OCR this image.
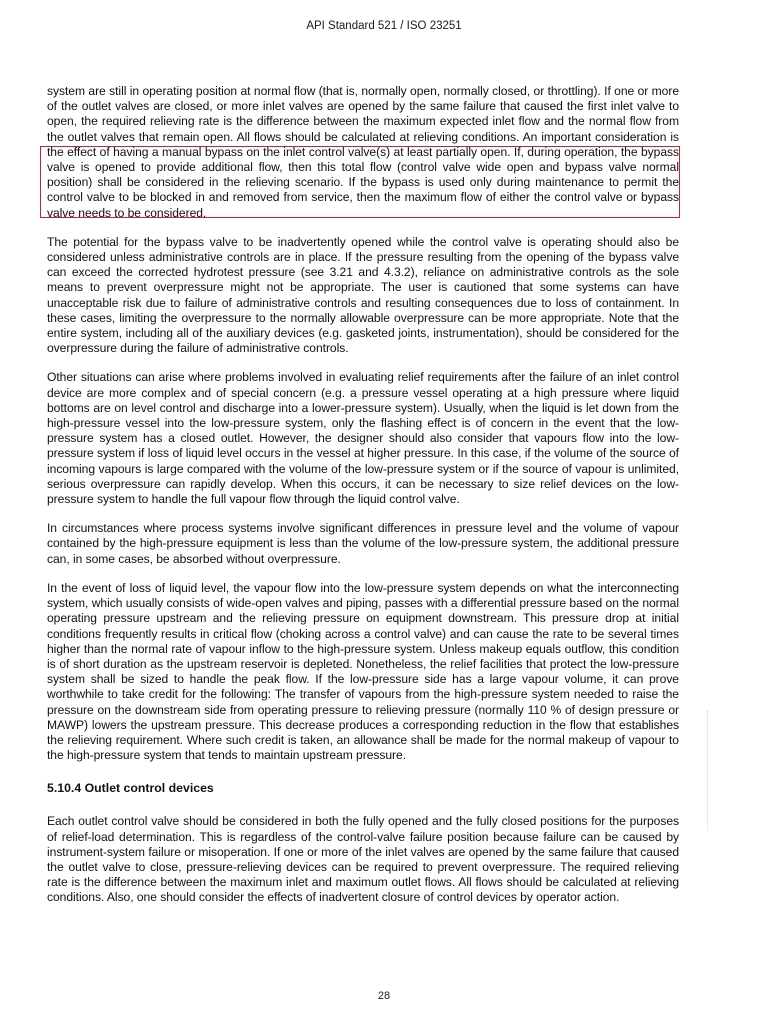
API Standard 521 / ISO 23251

system are still in operating position at normal flow (that is, normally open, normally closed, or throttling). If one or more of the outlet valves are closed, or more inlet valves are opened by the same failure that caused the first inlet valve to open, the required relieving rate is the difference between the maximum expected inlet flow and the normal flow from the outlet valves that remain open. All flows should be calculated at relieving conditions. An important consideration is the effect of having a manual bypass on the inlet control valve(s) at least partially open. If, during operation, the bypass valve is opened to provide additional flow, then this total flow (control valve wide open and bypass valve normal position) shall be considered in the relieving scenario. If the bypass is used only during maintenance to permit the control valve to be blocked in and removed from service, then the maximum flow of either the control valve or bypass valve needs to be considered.

The potential for the bypass valve to be inadvertently opened while the control valve is operating should also be considered unless administrative controls are in place. If the pressure resulting from the opening of the bypass valve can exceed the corrected hydrotest pressure (see 3.21 and 4.3.2), reliance on administrative controls as the sole means to prevent overpressure might not be appropriate. The user is cautioned that some systems can have unacceptable risk due to failure of administrative controls and resulting consequences due to loss of containment. In these cases, limiting the overpressure to the normally allowable overpressure can be more appropriate. Note that the entire system, including all of the auxiliary devices (e.g. gasketed joints, instrumentation), should be considered for the overpressure during the failure of administrative controls.

Other situations can arise where problems involved in evaluating relief requirements after the failure of an inlet control device are more complex and of special concern (e.g. a pressure vessel operating at a high pressure where liquid bottoms are on level control and discharge into a lower-pressure system). Usually, when the liquid is let down from the high-pressure vessel into the low-pressure system, only the flashing effect is of concern in the event that the low-pressure system has a closed outlet. However, the designer should also consider that vapours flow into the low-pressure system if loss of liquid level occurs in the vessel at higher pressure. In this case, if the volume of the source of incoming vapours is large compared with the volume of the low-pressure system or if the source of vapour is unlimited, serious overpressure can rapidly develop. When this occurs, it can be necessary to size relief devices on the low-pressure system to handle the full vapour flow through the liquid control valve.

In circumstances where process systems involve significant differences in pressure level and the volume of vapour contained by the high-pressure equipment is less than the volume of the low-pressure system, the additional pressure can, in some cases, be absorbed without overpressure.

In the event of loss of liquid level, the vapour flow into the low-pressure system depends on what the interconnecting system, which usually consists of wide-open valves and piping, passes with a differential pressure based on the normal operating pressure upstream and the relieving pressure on equipment downstream. This pressure drop at initial conditions frequently results in critical flow (choking across a control valve) and can cause the rate to be several times higher than the normal rate of vapour inflow to the high-pressure system. Unless makeup equals outflow, this condition is of short duration as the upstream reservoir is depleted. Nonetheless, the relief facilities that protect the low-pressure system shall be sized to handle the peak flow. If the low-pressure side has a large vapour volume, it can prove worthwhile to take credit for the following: The transfer of vapours from the high-pressure system needed to raise the pressure on the downstream side from operating pressure to relieving pressure (normally 110 % of design pressure or MAWP) lowers the upstream pressure. This decrease produces a corresponding reduction in the flow that establishes the relieving requirement. Where such credit is taken, an allowance shall be made for the normal makeup of vapour to the high-pressure system that tends to maintain upstream pressure.

5.10.4 Outlet control devices

Each outlet control valve should be considered in both the fully opened and the fully closed positions for the purposes of relief-load determination. This is regardless of the control-valve failure position because failure can be caused by instrument-system failure or misoperation. If one or more of the inlet valves are opened by the same failure that caused the outlet valve to close, pressure-relieving devices can be required to prevent overpressure. The required relieving rate is the difference between the maximum inlet and maximum outlet flows. All flows should be calculated at relieving conditions. Also, one should consider the effects of inadvertent closure of control devices by operator action.

28
